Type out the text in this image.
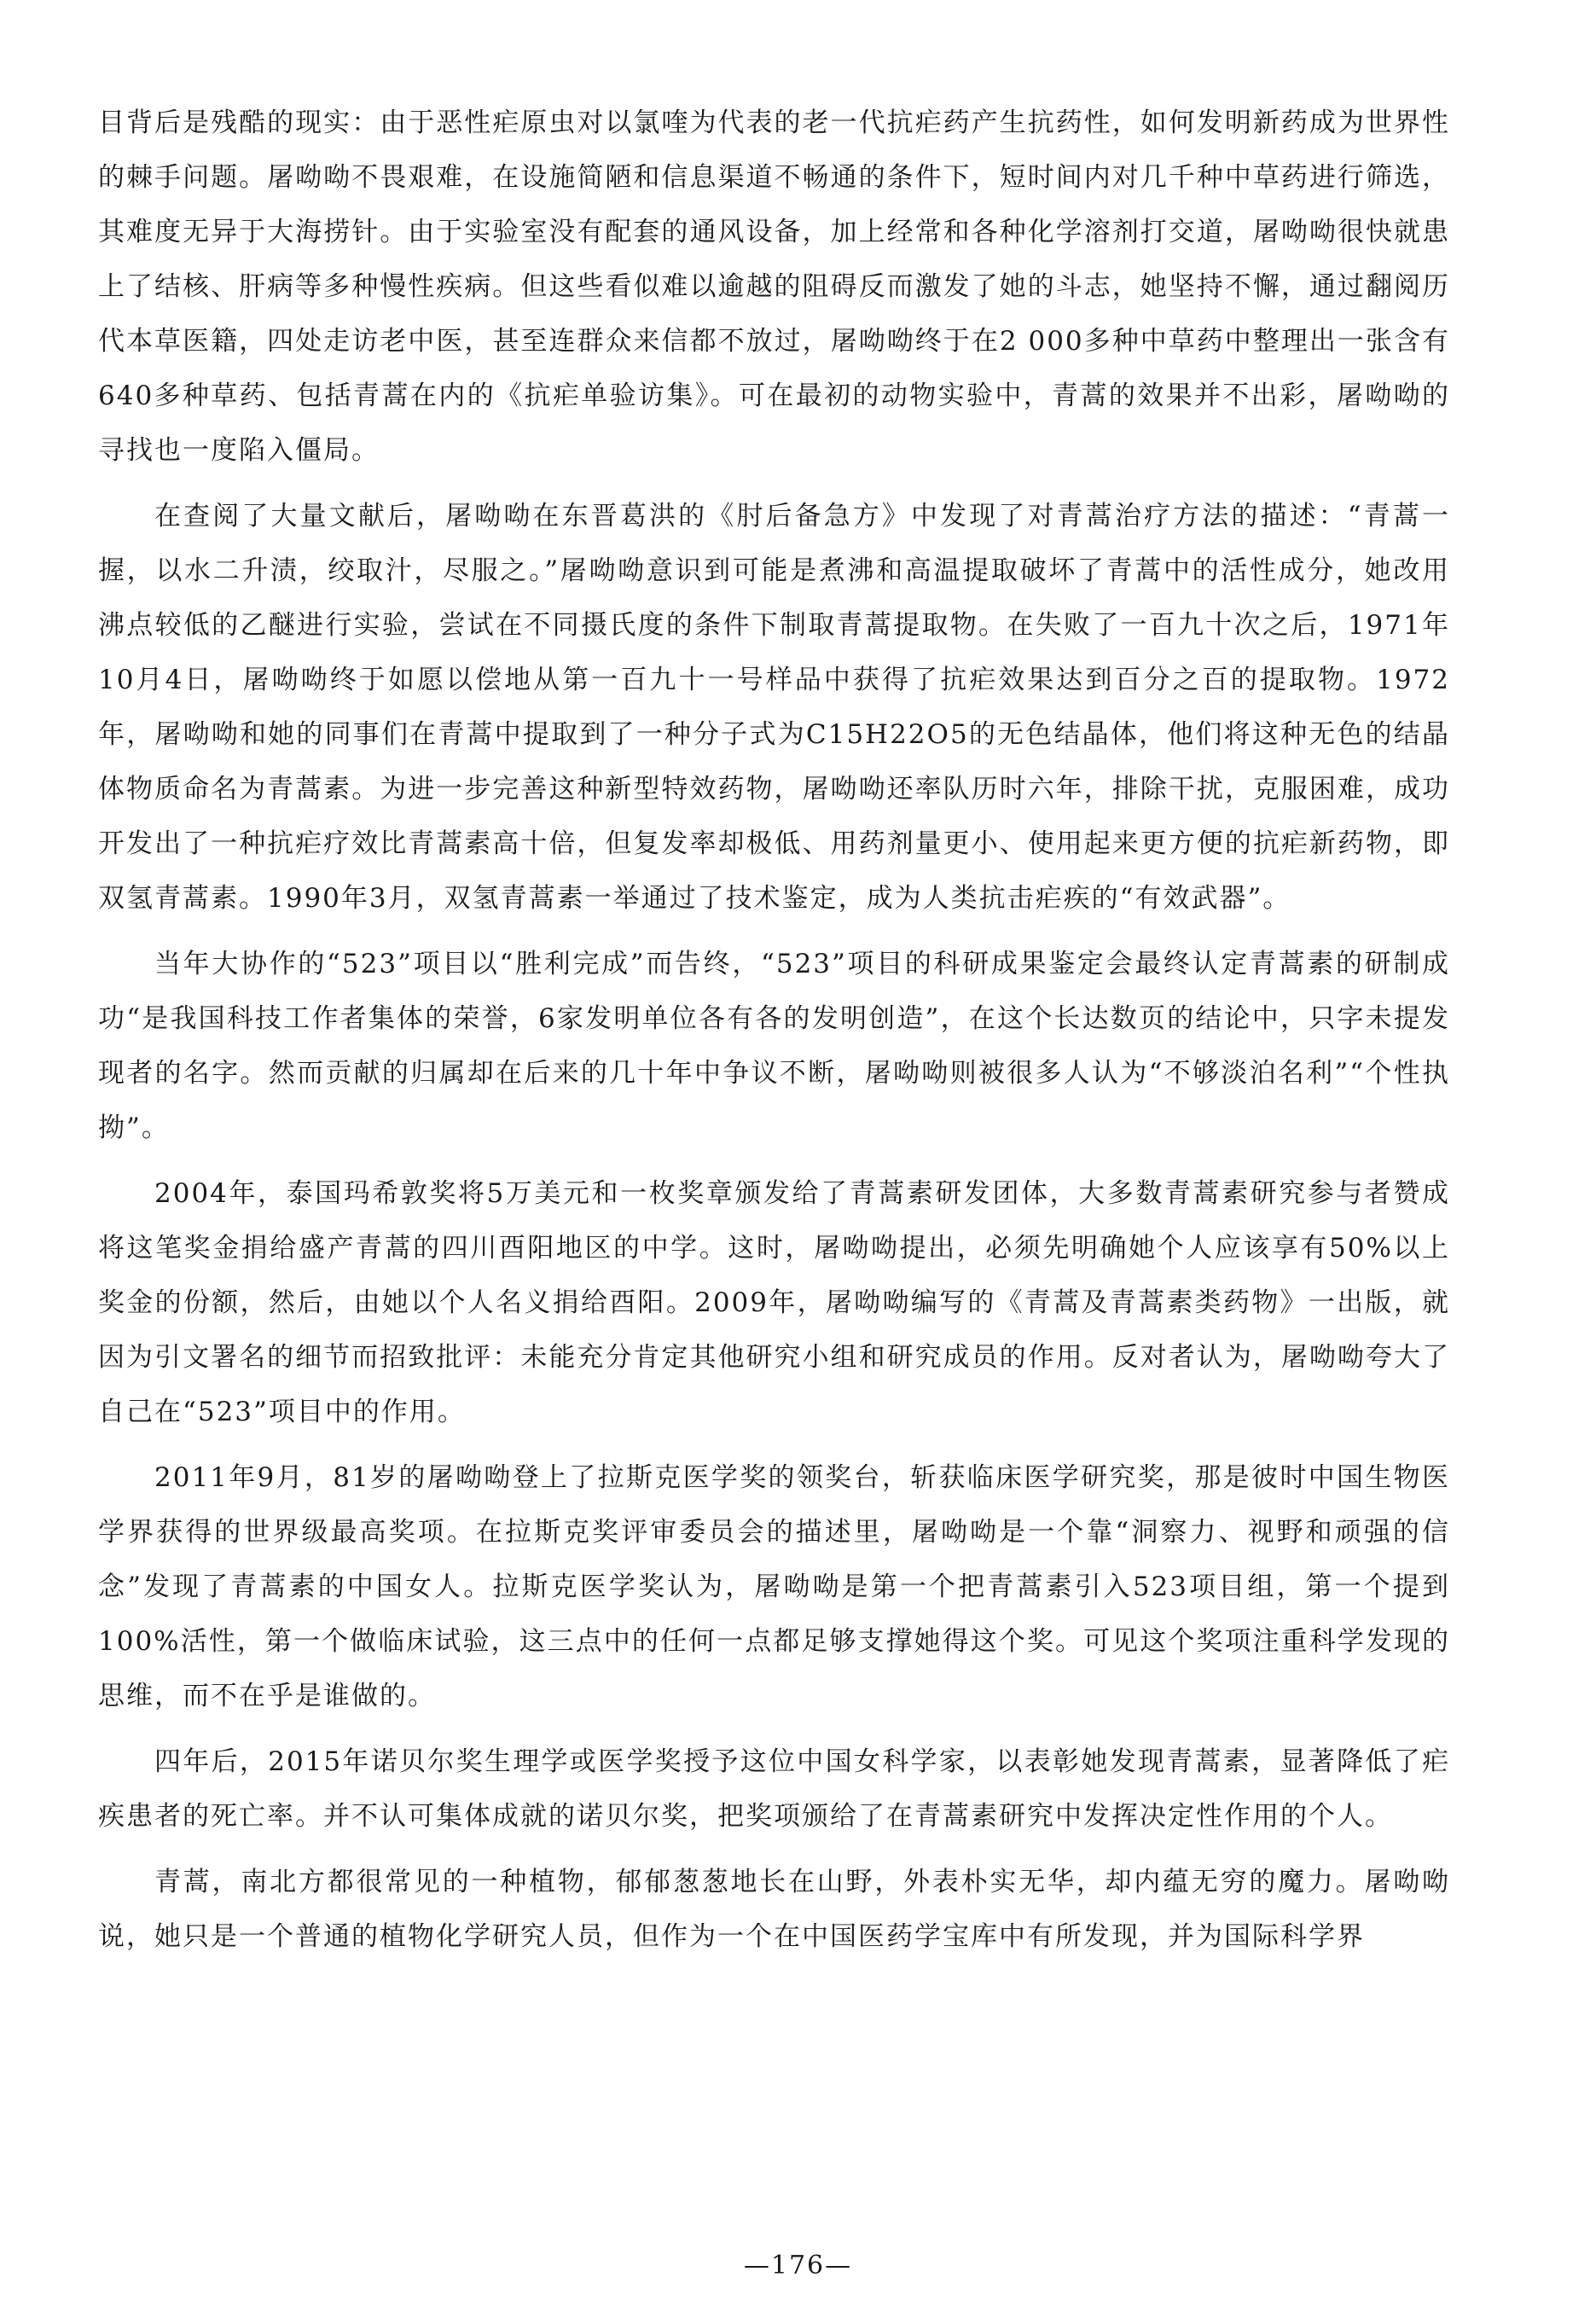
目背后是残酷的现实：由于恶性疟原虫对以氯喹为代表的老一代抗疟药产生抗药性，如何发明新药成为世界性的棘手问题。屠呦呦不畏艰难，在设施简陋和信息渠道不畅通的条件下，短时间内对几千种中草药进行筛选，其难度无异于大海捞针。由于实验室没有配套的通风设备，加上经常和各种化学溶剂打交道，屠呦呦很快就患上了结核、肝病等多种慢性疾病。但这些看似难以逾越的阻碍反而激发了她的斗志，她坚持不懈，通过翻阅历代本草医籍，四处走访老中医，甚至连群众来信都不放过，屠呦呦终于在2 000多种中草药中整理出一张含有640多种草药、包括青蒿在内的《抗疟单验访集》。可在最初的动物实验中，青蒿的效果并不出彩，屠呦呦的寻找也一度陷入僵局。

在查阅了大量文献后，屠呦呦在东晋葛洪的《肘后备急方》中发现了对青蒿治疗方法的描述：“青蒿一握，以水二升渍，绞取汁，尽服之。”屠呦呦意识到可能是煮沸和高温提取破坏了青蒿中的活性成分，她改用沸点较低的乙醚进行实验，尝试在不同摄氏度的条件下制取青蒿提取物。在失败了一百九十次之后，1971年10月4日，屠呦呦终于如愿以偿地从第一百九十一号样品中获得了抗疟效果达到百分之百的提取物。1972年，屠呦呦和她的同事们在青蒿中提取到了一种分子式为C15H22O5的无色结晶体，他们将这种无色的结晶体物质命名为青蒿素。为进一步完善这种新型特效药物，屠呦呦还率队历时六年，排除干扰，克服困难，成功开发出了一种抗疟疗效比青蒿素高十倍，但复发率却极低、用药剂量更小、使用起来更方便的抗疟新药物，即双氢青蒿素。1990年3月，双氢青蒿素一举通过了技术鉴定，成为人类抗击疟疾的“有效武器”。

当年大协作的“523”项目以“胜利完成”而告终，“523”项目的科研成果鉴定会最终认定青蒿素的研制成功“是我国科技工作者集体的荣誉，6家发明单位各有各的发明创造”，在这个长达数页的结论中，只字未提发现者的名字。然而贡献的归属却在后来的几十年中争议不断，屠呦呦则被很多人认为“不够淡泊名利”“个性执拗”。

2004年，泰国玛希敦奖将5万美元和一枚奖章颁发给了青蒿素研发团体，大多数青蒿素研究参与者赞成将这笔奖金捐给盛产青蒿的四川酉阳地区的中学。这时，屠呦呦提出，必须先明确她个人应该享有50%以上奖金的份额，然后，由她以个人名义捐给酉阳。2009年，屠呦呦编写的《青蒿及青蒿素类药物》一出版，就因为引文署名的细节而招致批评：未能充分肯定其他研究小组和研究成员的作用。反对者认为，屠呦呦夸大了自己在“523”项目中的作用。

2011年9月，81岁的屠呦呦登上了拉斯克医学奖的领奖台，斩获临床医学研究奖，那是彼时中国生物医学界获得的世界级最高奖项。在拉斯克奖评审委员会的描述里，屠呦呦是一个靠“洞察力、视野和顽强的信念”发现了青蒿素的中国女人。拉斯克医学奖认为，屠呦呦是第一个把青蒿素引入523项目组，第一个提到100%活性，第一个做临床试验，这三点中的任何一点都足够支撑她得这个奖。可见这个奖项注重科学发现的思维，而不在乎是谁做的。

四年后，2015年诺贝尔奖生理学或医学奖授予这位中国女科学家，以表彰她发现青蒿素，显著降低了疟疾患者的死亡率。并不认可集体成就的诺贝尔奖，把奖项颁给了在青蒿素研究中发挥决定性作用的个人。

青蒿，南北方都很常见的一种植物，郁郁葱葱地长在山野，外表朴实无华，却内蕴无穷的魔力。屠呦呦说，她只是一个普通的植物化学研究人员，但作为一个在中国医药学宝库中有所发现，并为国际科学界

—176—
